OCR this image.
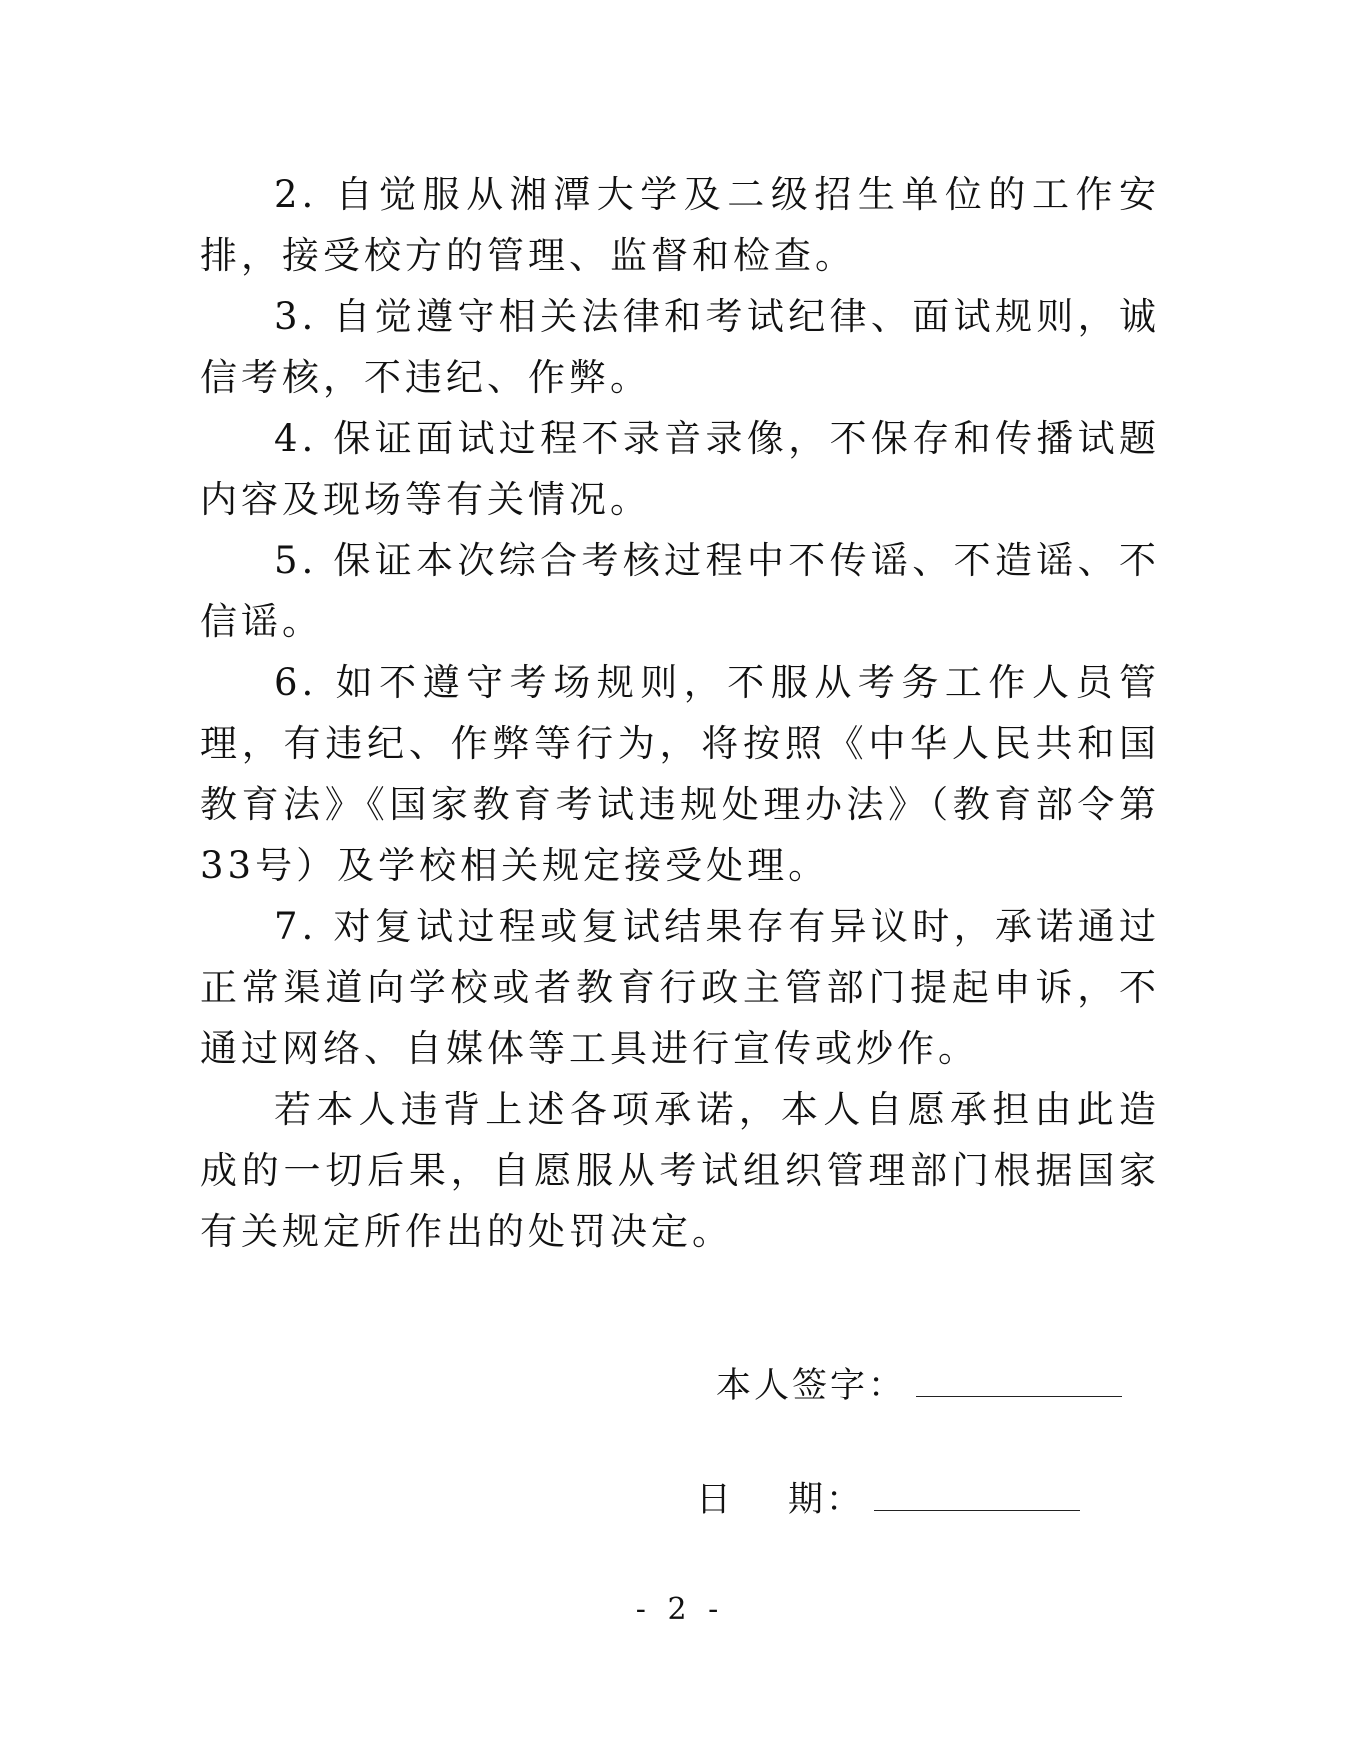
2. 自觉服从湘潭大学及二级招生单位的工作安排，接受校方的管理、监督和检查。

3. 自觉遵守相关法律和考试纪律、面试规则，诚信考核，不违纪、作弊。

4. 保证面试过程不录音录像，不保存和传播试题内容及现场等有关情况。

5. 保证本次综合考核过程中不传谣、不造谣、不信谣。

6. 如不遵守考场规则，不服从考务工作人员管理，有违纪、作弊等行为，将按照《中华人民共和国教育法》《国家教育考试违规处理办法》（教育部令第33号）及学校相关规定接受处理。

7. 对复试过程或复试结果存有异议时，承诺通过正常渠道向学校或者教育行政主管部门提起申诉，不通过网络、自媒体等工具进行宣传或炒作。

若本人违背上述各项承诺，本人自愿承担由此造成的一切后果，自愿服从考试组织管理部门根据国家有关规定所作出的处罚决定。

本人签字：
日 期：
- 2 -
